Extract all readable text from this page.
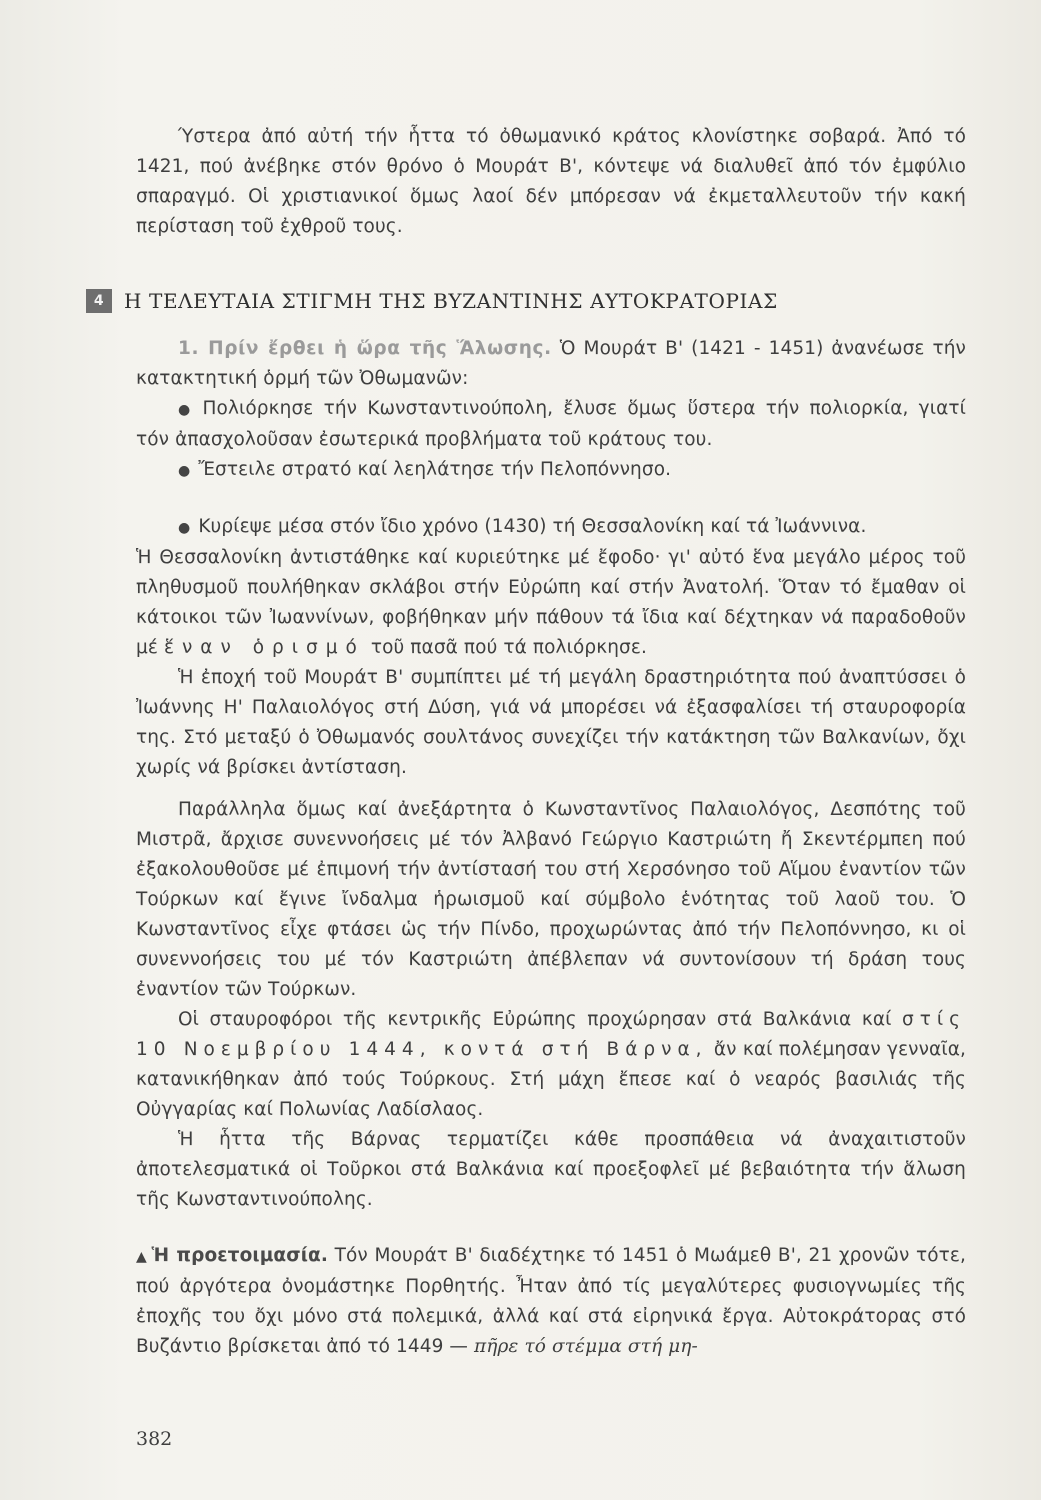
Ύστερα ἀπό αὐτή τήν ἧττα τό ὀθωμανικό κράτος κλονίστηκε σοβαρά. Ἀπό τό 1421, πού ἀνέβηκε στόν θρόνο ὁ Μουράτ Β', κόντεψε νά διαλυθεῖ ἀπό τόν ἐμφύλιο σπαραγμό. Οἱ χριστιανικοί ὅμως λαοί δέν μπόρεσαν νά ἐκμεταλλευτοῦν τήν κακή περίσταση τοῦ ἐχθροῦ τους.

4 Η ΤΕΛΕΥΤΑΙΑ ΣΤΙΓΜΗ ΤΗΣ ΒΥΖΑΝΤΙΝΗΣ ΑΥΤΟΚΡΑΤΟΡΙΑΣ

1. Πρίν ἔρθει ἡ ὥρα τῆς Ἅλωσης. Ὁ Μουράτ Β' (1421 - 1451) ἀνανέωσε τήν κατακτητική ὁρμή τῶν Ὀθωμανῶν:

● Πολιόρκησε τήν Κωνσταντινούπολη, ἔλυσε ὅμως ὕστερα τήν πολιορκία, γιατί τόν ἀπασχολοῦσαν ἐσωτερικά προβλήματα τοῦ κράτους του.

● Ἔστειλε στρατό καί λεηλάτησε τήν Πελοπόννησο.

● Κυρίεψε μέσα στόν ἴδιο χρόνο (1430) τή Θεσσαλονίκη καί τά Ἰωάννινα.

Ἡ Θεσσαλονίκη ἀντιστάθηκε καί κυριεύτηκε μέ ἔφοδο· γι' αὐτό ἕνα μεγάλο μέρος τοῦ πληθυσμοῦ πουλήθηκαν σκλάβοι στήν Εὐρώπη καί στήν Ἀνατολή. Ὅταν τό ἔμαθαν οἱ κάτοικοι τῶν Ἰωαννίνων, φοβήθηκαν μήν πάθουν τά ἴδια καί δέχτηκαν νά παραδοθοῦν μέ ἕναν ὁρισμό τοῦ πασᾶ πού τά πολιόρκησε.

Ἡ ἐποχή τοῦ Μουράτ Β' συμπίπτει μέ τή μεγάλη δραστηριότητα πού ἀναπτύσσει ὁ Ἰωάννης Η' Παλαιολόγος στή Δύση, γιά νά μπορέσει νά ἐξασφαλίσει τή σταυροφορία της. Στό μεταξύ ὁ Ὀθωμανός σουλτάνος συνεχίζει τήν κατάκτηση τῶν Βαλκανίων, ὄχι χωρίς νά βρίσκει ἀντίσταση.

Παράλληλα ὅμως καί ἀνεξάρτητα ὁ Κωνσταντῖνος Παλαιολόγος, Δεσπότης τοῦ Μιστρᾶ, ἄρχισε συνεννοήσεις μέ τόν Ἀλβανό Γεώργιο Καστριώτη ἤ Σκεντέρμπεη πού ἐξακολουθοῦσε μέ ἐπιμονή τήν ἀντίστασή του στή Χερσόνησο τοῦ Αἵμου ἐναντίον τῶν Τούρκων καί ἔγινε ἴνδαλμα ἡρωισμοῦ καί σύμβολο ἑνότητας τοῦ λαοῦ του. Ὁ Κωνσταντῖνος εἶχε φτάσει ὡς τήν Πίνδο, προχωρώντας ἀπό τήν Πελοπόννησο, κι οἱ συνεννοήσεις του μέ τόν Καστριώτη ἀπέβλεπαν νά συντονίσουν τή δράση τους ἐναντίον τῶν Τούρκων.

Οἱ σταυροφόροι τῆς κεντρικῆς Εὐρώπης προχώρησαν στά Βαλκάνια καί στίς 10 Νοεμβρίου 1444, κοντά στή Βάρνα, ἄν καί πολέμησαν γενναῖα, κατανικήθηκαν ἀπό τούς Τούρκους. Στή μάχη ἔπεσε καί ὁ νεαρός βασιλιάς τῆς Οὐγγαρίας καί Πολωνίας Λαδίσλαος.

Ἡ ἧττα τῆς Βάρνας τερματίζει κάθε προσπάθεια νά ἀναχαιτιστοῦν ἀποτελεσματικά οἱ Τοῦρκοι στά Βαλκάνια καί προεξοφλεῖ μέ βεβαιότητα τήν ἅλωση τῆς Κωνσταντινούπολης.

▲ Ἡ προετοιμασία. Τόν Μουράτ Β' διαδέχτηκε τό 1451 ὁ Μωάμεθ Β', 21 χρονῶν τότε, πού ἀργότερα ὀνομάστηκε Πορθητής. Ἦταν ἀπό τίς μεγαλύτερες φυσιογνωμίες τῆς ἐποχῆς του ὄχι μόνο στά πολεμικά, ἀλλά καί στά εἰρηνικά ἔργα. Αὐτοκράτορας στό Βυζάντιο βρίσκεται ἀπό τό 1449 — πῆρε τό στέμμα στή μη-

382
